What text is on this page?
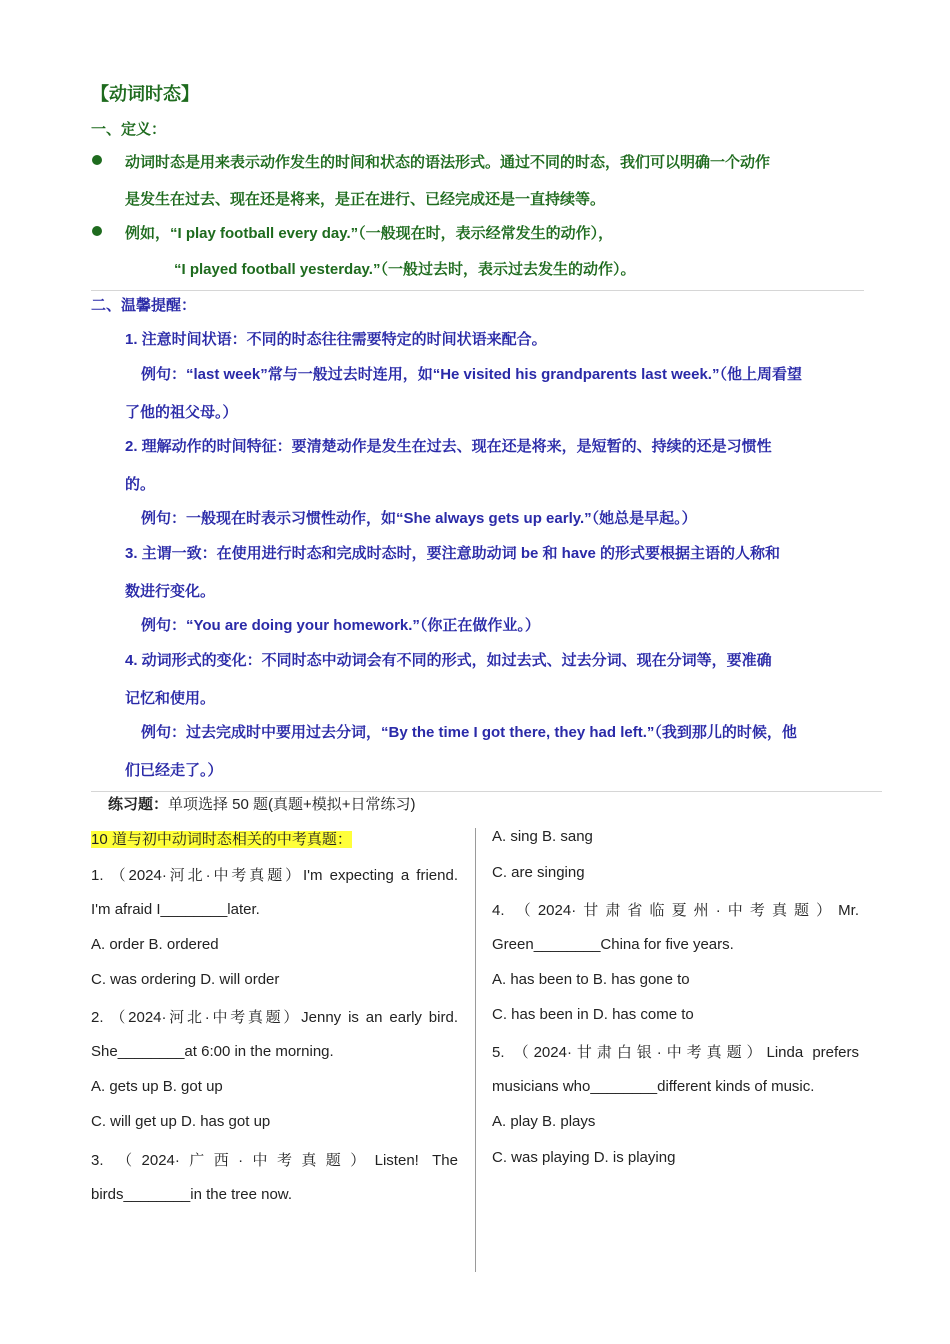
【动词时态】
一、定义：
动词时态是用来表示动作发生的时间和状态的语法形式。通过不同的时态，我们可以明确一个动作
是发生在过去、现在还是将来，是正在进行、已经完成还是一直持续等。
例如，“I play football every day.”（一般现在时，表示经常发生的动作），
“I played football yesterday.”（一般过去时，表示过去发生的动作）。
二、温馨提醒：
1. 注意时间状语：不同的时态往往需要特定的时间状语来配合。
例句：“last week”常与一般过去时连用，如“He visited his grandparents last week.”（他上周看望
了他的祖父母。）
2. 理解动作的时间特征：要清楚动作是发生在过去、现在还是将来，是短暂的、持续的还是习惯性
的。
例句：一般现在时表示习惯性动作，如“She always gets up early.”（她总是早起。）
3. 主谓一致：在使用进行时态和完成时态时，要注意助动词 be 和 have 的形式要根据主语的人称和
数进行变化。
例句：“You are doing your homework.”（你正在做作业。）
4. 动词形式的变化：不同时态中动词会有不同的形式，如过去式、过去分词、现在分词等，要准确
记忆和使用。
例句：过去完成时中要用过去分词，“By the time I got there, they had left.”（我到那儿的时候，他
们已经走了。）
练习题：单项选择 50 题(真题+模拟+日常练习)
10 道与初中动词时态相关的中考真题：
1. （2024·河北·中考真题）I'm expecting a friend.
I'm afraid I________later.
A. order B. ordered
C. was ordering D. will order
2. （2024·河北·中考真题）Jenny is an early bird.
She________at 6:00 in the morning.
A. gets up B. got up
C. will get up D. has got up
3. （2024·广西·中考真题）Listen! The
birds________in the tree now.
A. sing B. sang
C. are singing
4. （2024·甘肃省临夏州·中考真题）Mr.
Green________China for five years.
A. has been to B. has gone to
C. has been in D. has come to
5. （2024·甘肃白银·中考真题）Linda prefers
musicians who________different kinds of music.
A. play B. plays
C. was playing D. is playing
